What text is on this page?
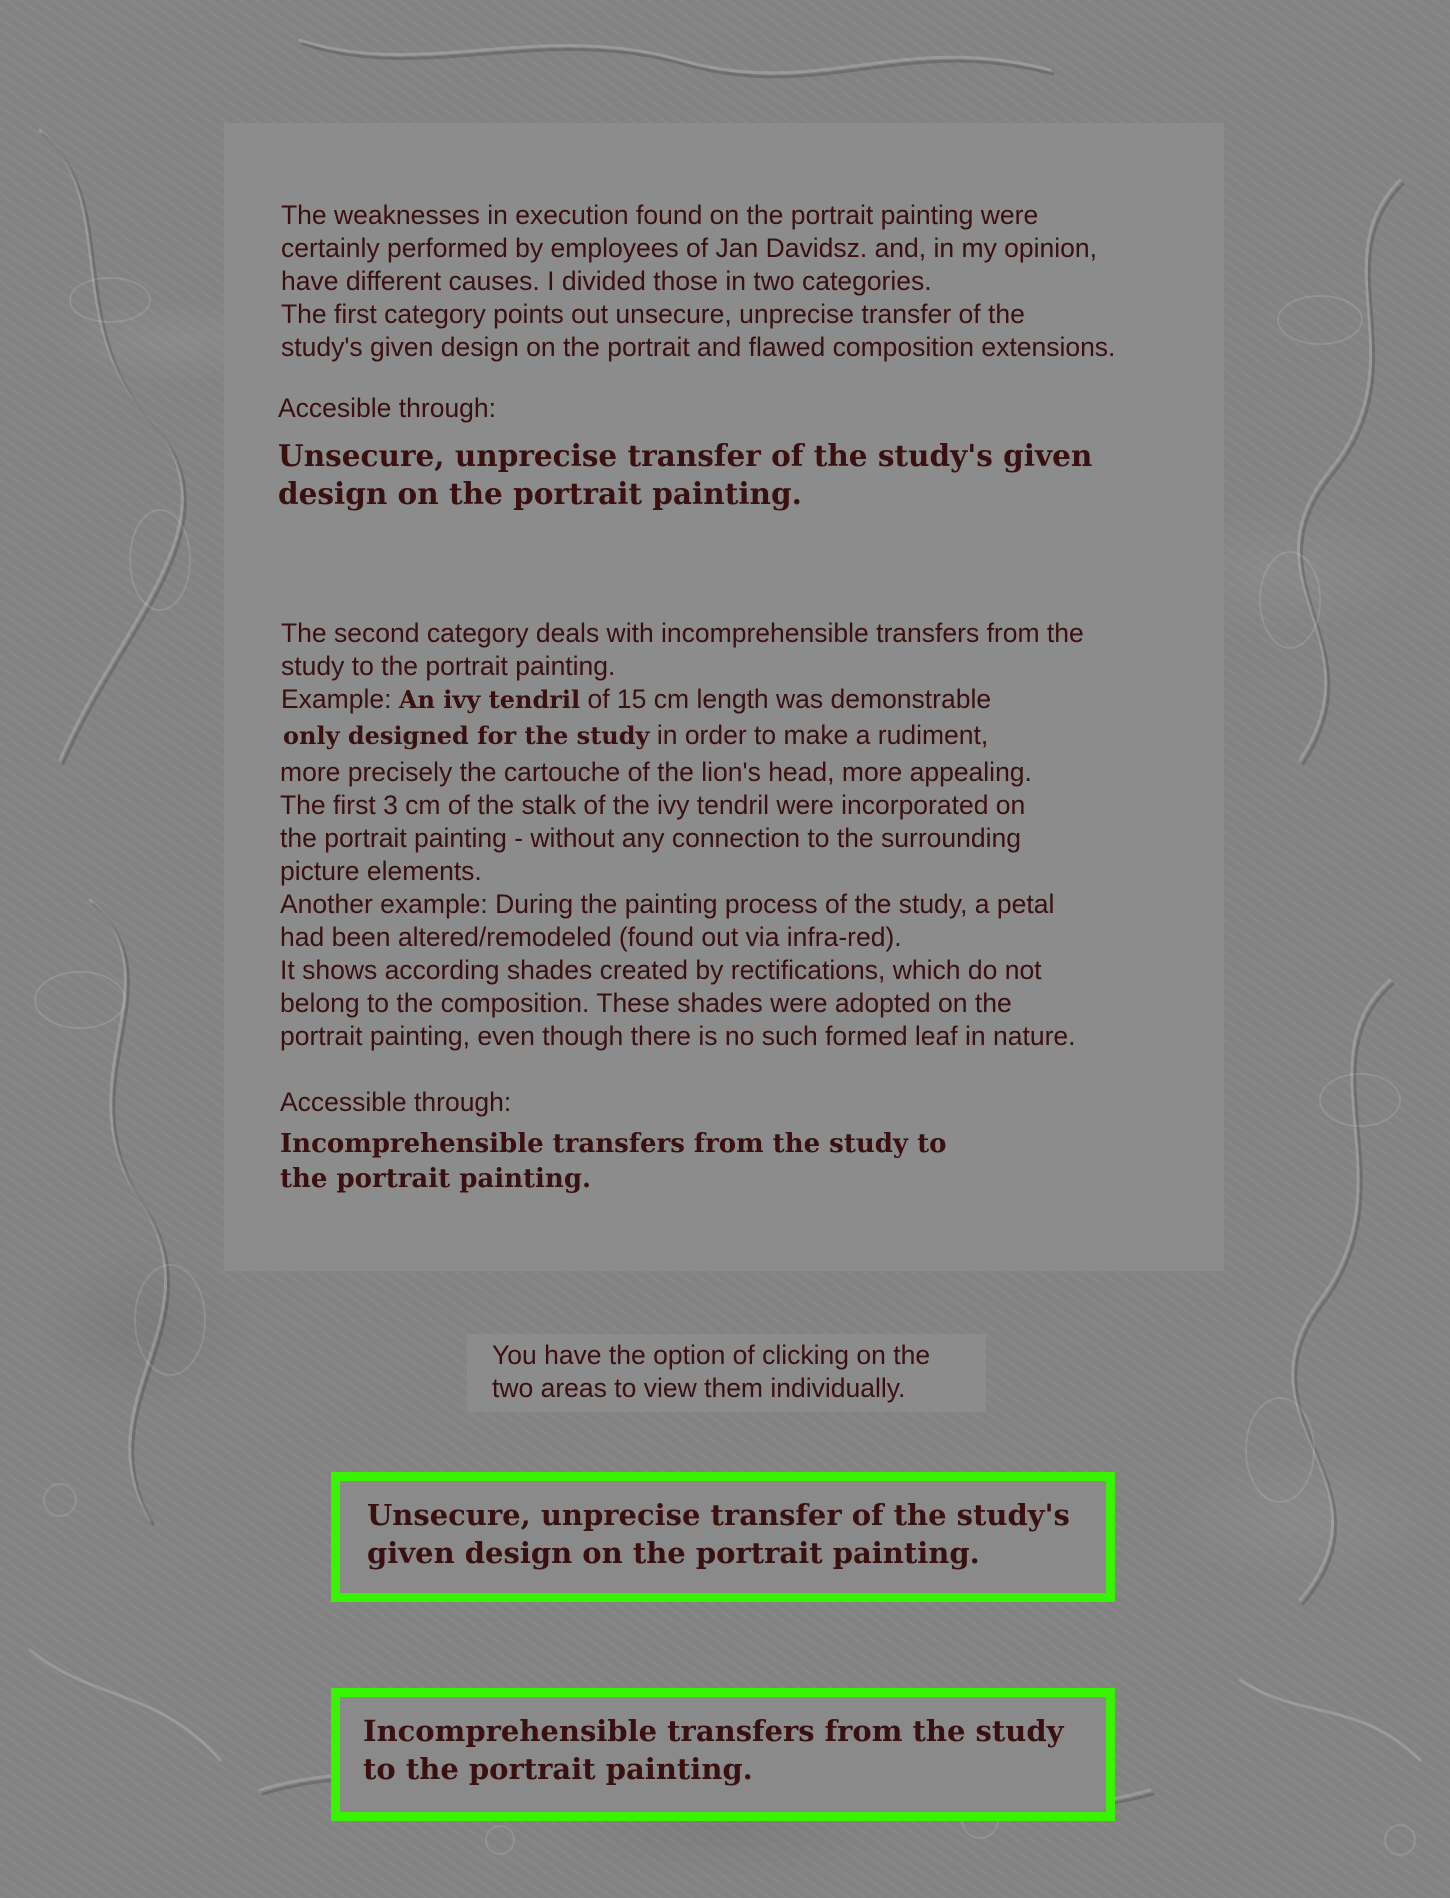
The weaknesses in execution found on the portrait painting were
certainly performed by employees of Jan Davidsz. and, in my opinion,
have different causes. I divided those in two categories.
The first category points out unsecure, unprecise transfer of the
study's given design on the portrait and flawed composition extensions.
Accesible through:
Unsecure, unprecise transfer of the study's given
design on the portrait painting.
The second category deals with incomprehensible transfers from the
study to the portrait painting.
Example: An ivy tendril of 15 cm length was demonstrable
only designed for the study in order to make a rudiment,
more precisely the cartouche of the lion's head, more appealing.
The first 3 cm of the stalk of the ivy tendril were incorporated on
the portrait painting - without any connection to the surrounding
picture elements.
Another example: During the painting process of the study, a petal
had been altered/remodeled (found out via infra-red).
It shows according shades created by rectifications, which do not
belong to the composition. These shades were adopted on the
portrait painting, even though there is no such formed leaf in nature.
Accessible through:
Incomprehensible transfers from the study to
the portrait painting.
You have the option of clicking on the
two areas to view them individually.
Unsecure, unprecise transfer of the study's
given design on the portrait painting.
Incomprehensible transfers from the study
to the portrait painting.
